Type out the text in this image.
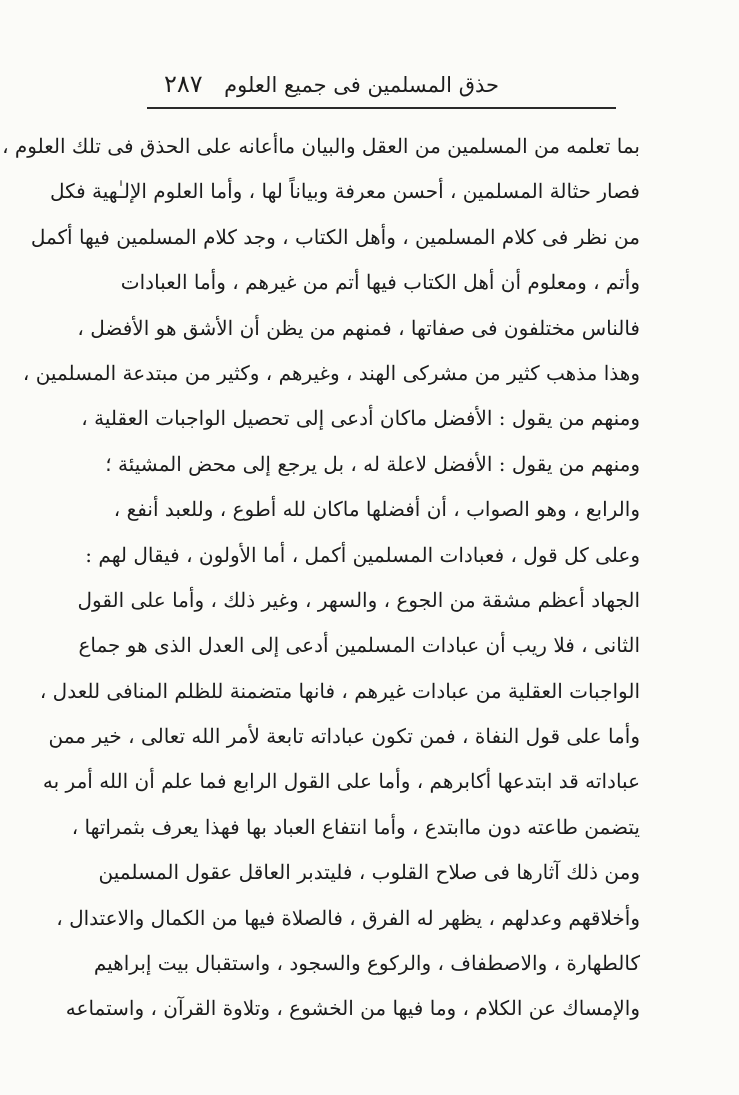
حذق المسلمين فى جميع العلوم
٢٨٧
بما تعلمه من المسلمين من العقل والبيان ماأعانه على الحذق فى تلك العلوم ،
فصار حثالة المسلمين ، أحسن معرفة وبياناً لها ، وأما العلوم الإلـٰهية فكل
من نظر فى كلام المسلمين ، وأهل الكتاب ، وجد كلام المسلمين فيها أكمل
وأتم ، ومعلوم أن أهل الكتاب فيها أتم من غيرهم ، وأما العبادات
فالناس مختلفون فى صفاتها ، فمنهم من يظن أن الأشق هو الأفضل ،
وهذا مذهب كثير من مشركى الهند ، وغيرهم ، وكثير من مبتدعة المسلمين ،
ومنهم من يقول : الأفضل ماكان أدعى إلى تحصيل الواجبات العقلية ،
ومنهم من يقول : الأفضل لاعلة له ، بل يرجع إلى محض المشيئة ؛
والرابع ، وهو الصواب ، أن أفضلها ماكان لله أطوع ، وللعبد أنفع ،
وعلى كل قول ، فعبادات المسلمين أكمل ، أما الأولون ، فيقال لهم :
الجهاد أعظم مشقة من الجوع ، والسهر ، وغير ذلك ، وأما على القول
الثانى ، فلا ريب أن عبادات المسلمين أدعى إلى العدل الذى هو جماع
الواجبات العقلية من عبادات غيرهم ، فانها متضمنة للظلم المنافى للعدل ،
وأما على قول النفاة ، فمن تكون عباداته تابعة لأمر الله تعالى ، خير ممن
عباداته قد ابتدعها أكابرهم ، وأما على القول الرابع فما علم أن الله أمر به
يتضمن طاعته دون ماابتدع ، وأما انتفاع العباد بها فهذا يعرف بثمراتها ،
ومن ذلك آثارها فى صلاح القلوب ، فليتدبر العاقل عقول المسلمين
وأخلاقهم وعدلهم ، يظهر له الفرق ، فالصلاة فيها من الكمال والاعتدال ،
كالطهارة ، والاصطفاف ، والركوع والسجود ، واستقبال بيت إبراهيم
والإمساك عن الكلام ، وما فيها من الخشوع ، وتلاوة القرآن ، واستماعه
